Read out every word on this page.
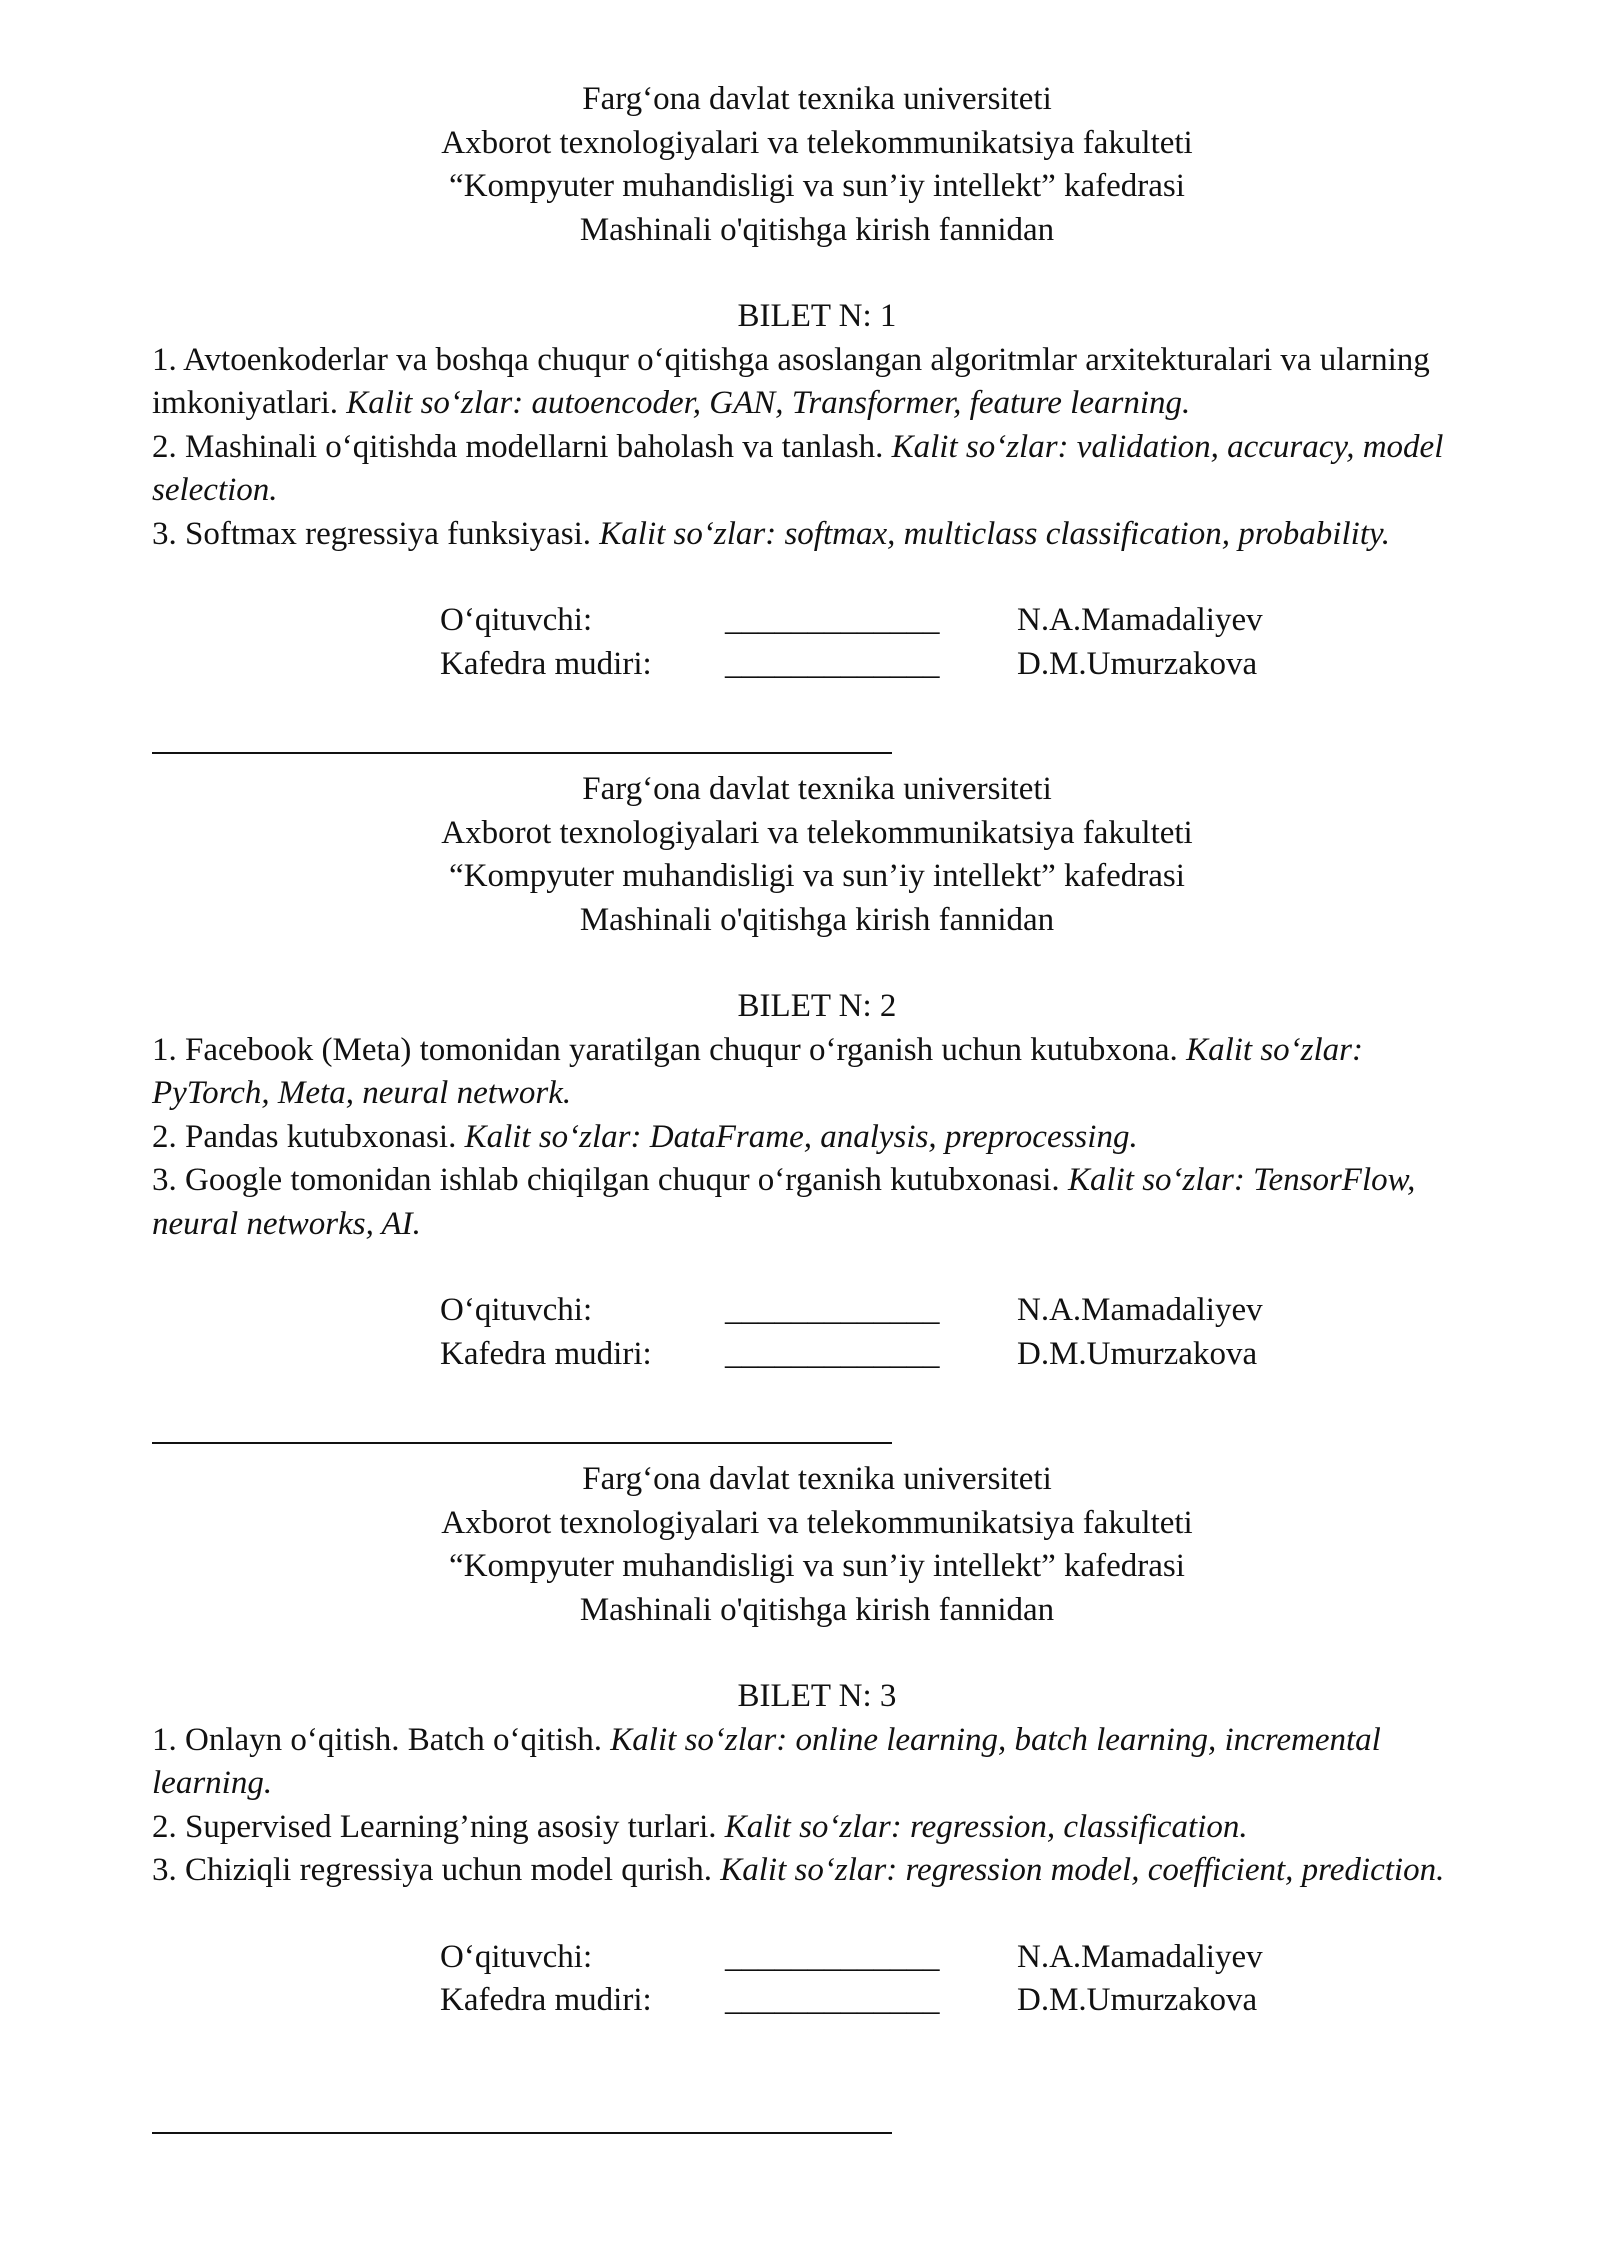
Farg‘ona davlat texnika universiteti
Axborot texnologiyalari va telekommunikatsiya fakulteti
“Kompyuter muhandisligi va sun’iy intellekt” kafedrasi
Mashinali o'qitishga kirish fannidan
BILET N: 1

1. Avtoenkoderlar va boshqa chuqur o‘qitishga asoslangan algoritmlar arxitekturalari va ularning imkoniyatlari. Kalit so‘zlar: autoencoder, GAN, Transformer, feature learning.

2. Mashinali o‘qitishda modellarni baholash va tanlash. Kalit so‘zlar: validation, accuracy, model selection.

3. Softmax regressiya funksiyasi. Kalit so‘zlar: softmax, multiclass classification, probability.

O‘qituvchi:	_____________	N.A.Mamadaliyev
Kafedra mudiri:	_____________	D.M.Umurzakova
Farg‘ona davlat texnika universiteti
Axborot texnologiyalari va telekommunikatsiya fakulteti
“Kompyuter muhandisligi va sun’iy intellekt” kafedrasi
Mashinali o'qitishga kirish fannidan
BILET N: 2

1. Facebook (Meta) tomonidan yaratilgan chuqur o‘rganish uchun kutubxona. Kalit so‘zlar: PyTorch, Meta, neural network.

2. Pandas kutubxonasi. Kalit so‘zlar: DataFrame, analysis, preprocessing.

3. Google tomonidan ishlab chiqilgan chuqur o‘rganish kutubxonasi. Kalit so‘zlar: TensorFlow, neural networks, AI.

O‘qituvchi:	_____________	N.A.Mamadaliyev
Kafedra mudiri:	_____________	D.M.Umurzakova
Farg‘ona davlat texnika universiteti
Axborot texnologiyalari va telekommunikatsiya fakulteti
“Kompyuter muhandisligi va sun’iy intellekt” kafedrasi
Mashinali o'qitishga kirish fannidan
BILET N: 3

1. Onlayn o‘qitish. Batch o‘qitish. Kalit so‘zlar: online learning, batch learning, incremental learning.

2. Supervised Learning’ning asosiy turlari. Kalit so‘zlar: regression, classification.

3. Chiziqli regressiya uchun model qurish. Kalit so‘zlar: regression model, coefficient, prediction.

O‘qituvchi:	_____________	N.A.Mamadaliyev
Kafedra mudiri:	_____________	D.M.Umurzakova
